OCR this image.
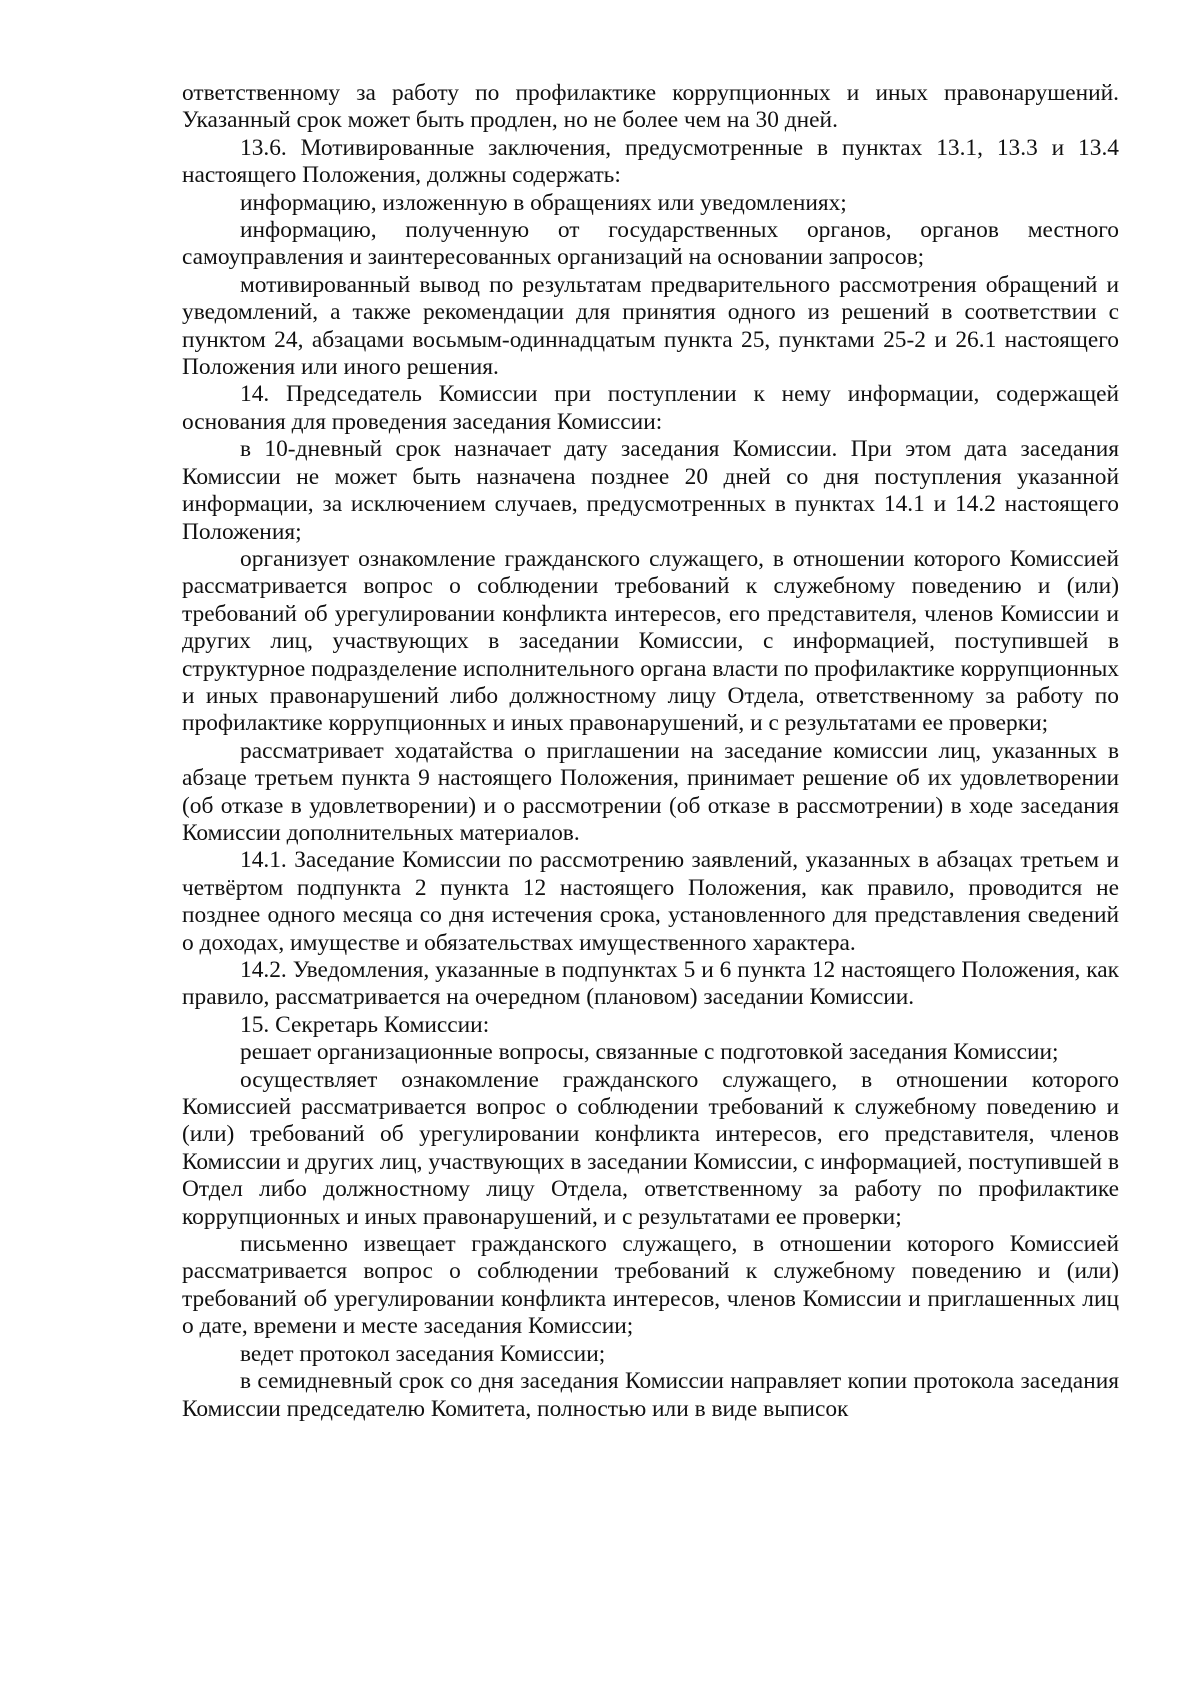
ответственному за работу по профилактике коррупционных и иных правонарушений. Указанный срок может быть продлен, но не более чем на 30 дней.

13.6. Мотивированные заключения, предусмотренные в пунктах 13.1, 13.3 и 13.4 настоящего Положения, должны содержать:

информацию, изложенную в обращениях или уведомлениях;

информацию, полученную от государственных органов, органов местного самоуправления и заинтересованных организаций на основании запросов;

мотивированный вывод по результатам предварительного рассмотрения обращений и уведомлений, а также рекомендации для принятия одного из решений в соответствии с пунктом 24, абзацами восьмым-одиннадцатым пункта 25, пунктами 25-2 и 26.1 настоящего Положения или иного решения.

14. Председатель Комиссии при поступлении к нему информации, содержащей основания для проведения заседания Комиссии:

в 10-дневный срок назначает дату заседания Комиссии. При этом дата заседания Комиссии не может быть назначена позднее 20 дней со дня поступления указанной информации, за исключением случаев, предусмотренных в пунктах 14.1 и 14.2 настоящего Положения;

организует ознакомление гражданского служащего, в отношении которого Комиссией рассматривается вопрос о соблюдении требований к служебному поведению и (или) требований об урегулировании конфликта интересов, его представителя, членов Комиссии и других лиц, участвующих в заседании Комиссии, с информацией, поступившей в структурное подразделение исполнительного органа власти по профилактике коррупционных и иных правонарушений либо должностному лицу Отдела, ответственному за работу по профилактике коррупционных и иных правонарушений, и с результатами ее проверки;

рассматривает ходатайства о приглашении на заседание комиссии лиц, указанных в абзаце третьем пункта 9 настоящего Положения, принимает решение об их удовлетворении (об отказе в удовлетворении) и о рассмотрении (об отказе в рассмотрении) в ходе заседания Комиссии дополнительных материалов.

14.1. Заседание Комиссии по рассмотрению заявлений, указанных в абзацах третьем и четвёртом подпункта 2 пункта 12 настоящего Положения, как правило, проводится не позднее одного месяца со дня истечения срока, установленного для представления сведений о доходах, имуществе и обязательствах имущественного характера.

14.2. Уведомления, указанные в подпунктах 5 и 6 пункта 12 настоящего Положения, как правило, рассматривается на очередном (плановом) заседании Комиссии.

15. Секретарь Комиссии:

решает организационные вопросы, связанные с подготовкой заседания Комиссии;

осуществляет ознакомление гражданского служащего, в отношении которого Комиссией рассматривается вопрос о соблюдении требований к служебному поведению и (или) требований об урегулировании конфликта интересов, его представителя, членов Комиссии и других лиц, участвующих в заседании Комиссии, с информацией, поступившей в Отдел либо должностному лицу Отдела, ответственному за работу по профилактике коррупционных и иных правонарушений, и с результатами ее проверки;

письменно извещает гражданского служащего, в отношении которого Комиссией рассматривается вопрос о соблюдении требований к служебному поведению и (или) требований об урегулировании конфликта интересов, членов Комиссии и приглашенных лиц о дате, времени и месте заседания Комиссии;

ведет протокол заседания Комиссии;

в семидневный срок со дня заседания Комиссии направляет копии протокола заседания Комиссии председателю Комитета, полностью или в виде выписок
